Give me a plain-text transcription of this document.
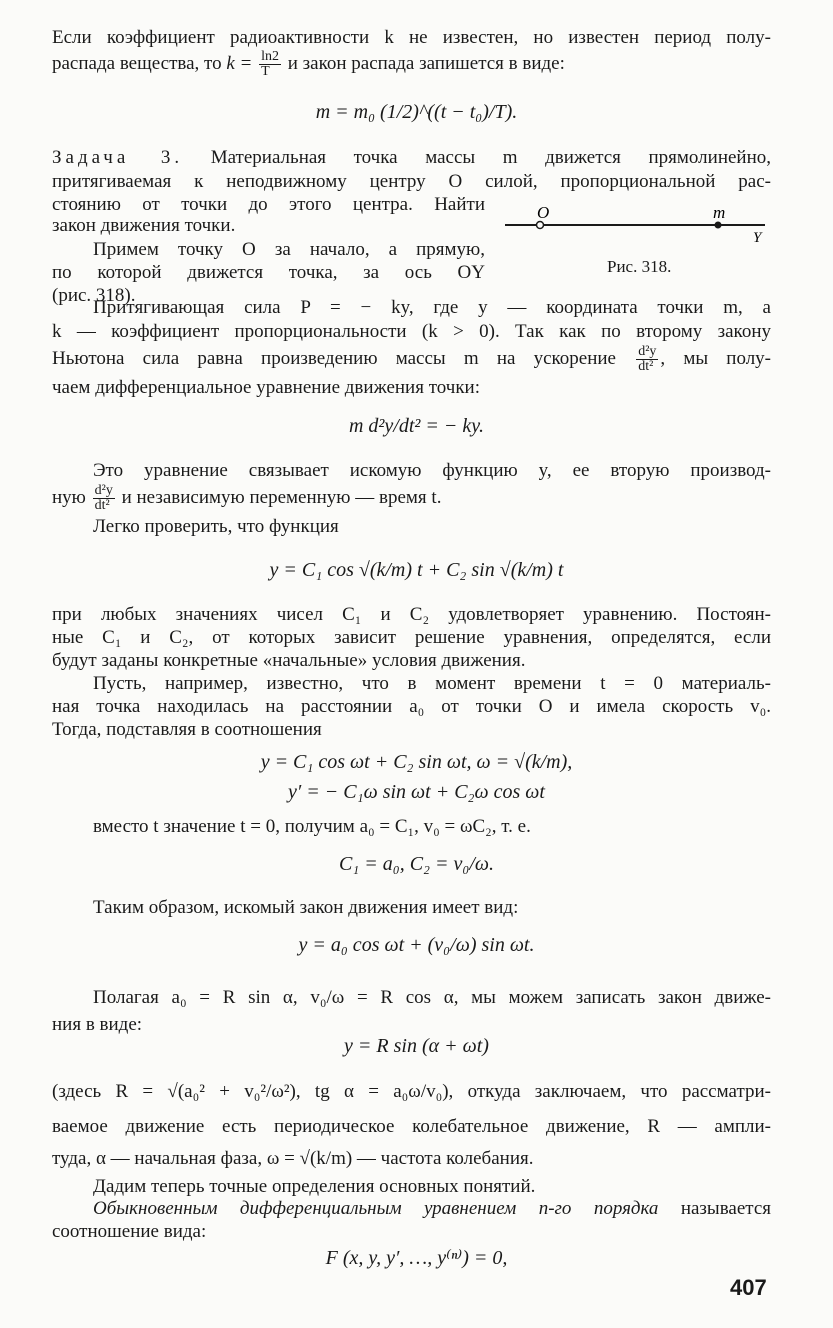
Если коэффициент радиоактивности k не известен, но известен период полу-
распада вещества, то $k = \frac{\ln 2}{T}$ и закон распада запишется в виде:
m = m₀ (1/2)^((t − t₀)/T).
Задача 3. Материальная точка массы m движется прямолинейно,
притягиваемая к неподвижному центру O силой, пропорциональной рас-
стоянию от точки до этого центра. Найти
закон движения точки.
Примем точку O за начало, а прямую,
по которой движется точка, за ось OY
(рис. 318).
O	m
Y
Рис. 318.
Притягивающая сила P = − ky, где y — координата точки m, а
k — коэффициент пропорциональности (k > 0). Так как по второму закону
Ньютона сила равна произведению массы m на ускорение $\frac{\text{d²y}}{\text{dt²}}$ , мы полу-
чаем дифференциальное уравнение движения точки:
m d²y/dt² = − ky.
Это уравнение связывает искомую функцию y, ее вторую производ-
ную $\frac{\text{d²y}}{\text{dt²}}$ и независимую переменную — время t.
Легко проверить, что функция
y = C₁ cos √(k/m) t + C₂ sin √(k/m) t
при любых значениях чисел C₁ и C₂ удовлетворяет уравнению. Постоян-
ные C₁ и C₂, от которых зависит решение уравнения, определятся, если
будут заданы конкретные «начальные» условия движения.
Пусть, например, известно, что в момент времени t = 0 материаль-
ная точка находилась на расстоянии a₀ от точки O и имела скорость v₀.
Тогда, подставляя в соотношения
y = C₁ cos ωt + C₂ sin ωt, ω = √(k/m),
y′ = − C₁ω sin ωt + C₂ω cos ωt
вместо t значение t = 0, получим a₀ = C₁, v₀ = ωC₂, т. е.
C₁ = a₀, C₂ = v₀/ω.
Таким образом, искомый закон движения имеет вид:
y = a₀ cos ωt + (v₀/ω) sin ωt.
Полагая a₀ = R sin α, v₀/ω = R cos α, мы можем записать закон движе-
ния в виде:
y = R sin (α + ωt)
(здесь R = √(a₀² + v₀²/ω²), tg α = a₀ω/v₀), откуда заключаем, что рассматри-
ваемое движение есть периодическое колебательное движение, R — ампли-
туда, α — начальная фаза, ω = √(k/m) — частота колебания.
Дадим теперь точные определения основных понятий.
Обыкновенным дифференциальным уравнением n-го порядка называется
соотношение вида:
F (x, y, y′, …, y⁽ⁿ⁾) = 0,
407
